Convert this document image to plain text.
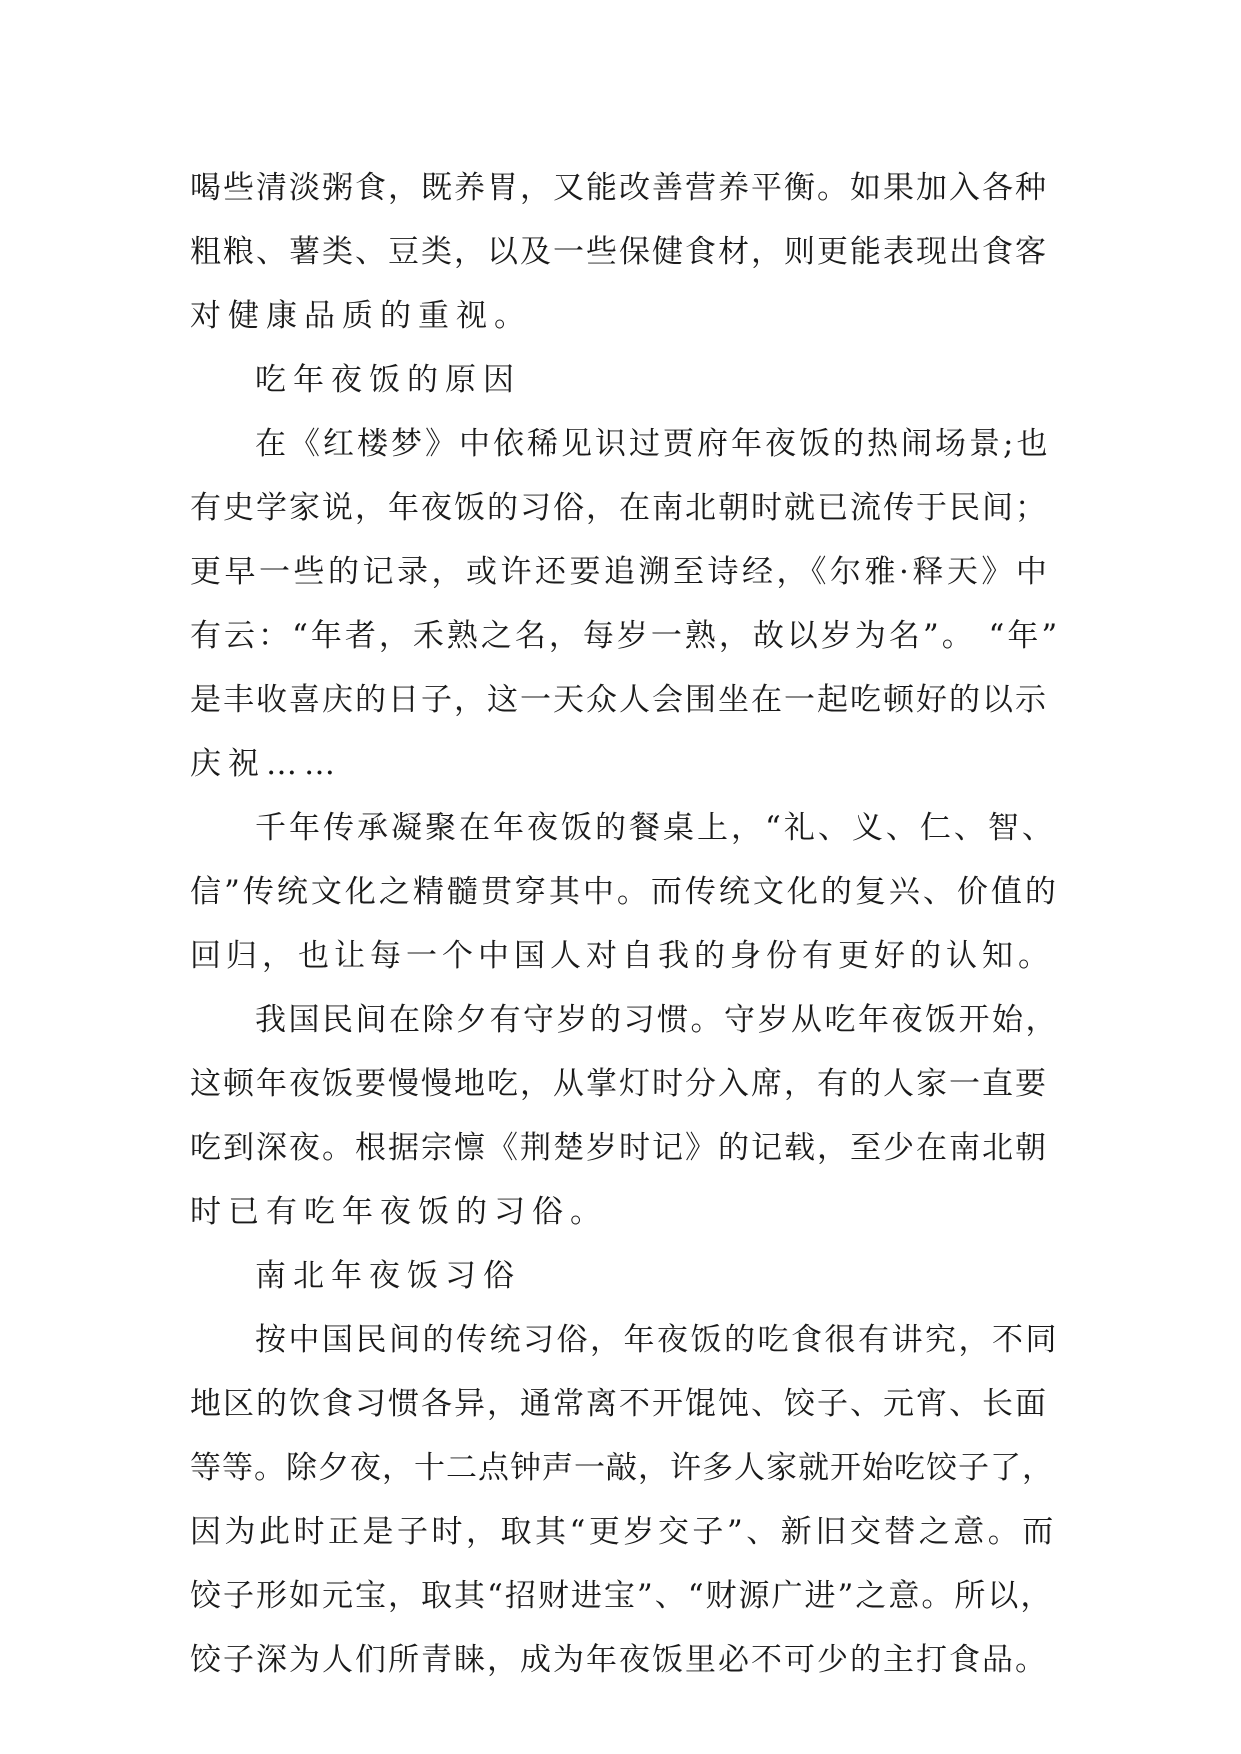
喝些清淡粥食，既养胃，又能改善营养平衡。如果加入各种
粗粮、薯类、豆类，以及一些保健食材，则更能表现出食客
对健康品质的重视。
吃年夜饭的原因
在《红楼梦》中依稀见识过贾府年夜饭的热闹场景;也
有史学家说，年夜饭的习俗，在南北朝时就已流传于民间；
更早一些的记录，或许还要追溯至诗经，《尔雅·释天》中
有云：“年者，禾熟之名，每岁一熟，故以岁为名”。 “年”
是丰收喜庆的日子，这一天众人会围坐在一起吃顿好的以示
庆祝……
千年传承凝聚在年夜饭的餐桌上，“礼、义、仁、智、
信”传统文化之精髓贯穿其中。而传统文化的复兴、价值的
回归，也让每一个中国人对自我的身份有更好的认知。
我国民间在除夕有守岁的习惯。守岁从吃年夜饭开始，
这顿年夜饭要慢慢地吃，从掌灯时分入席，有的人家一直要
吃到深夜。根据宗懔《荆楚岁时记》的记载，至少在南北朝
时已有吃年夜饭的习俗。
南北年夜饭习俗
按中国民间的传统习俗，年夜饭的吃食很有讲究，不同
地区的饮食习惯各异，通常离不开馄饨、饺子、元宵、长面
等等。除夕夜，十二点钟声一敲，许多人家就开始吃饺子了，
因为此时正是子时，取其“更岁交子”、新旧交替之意。而
饺子形如元宝，取其“招财进宝”、“财源广进”之意。所以，
饺子深为人们所青睐，成为年夜饭里必不可少的主打食品。
